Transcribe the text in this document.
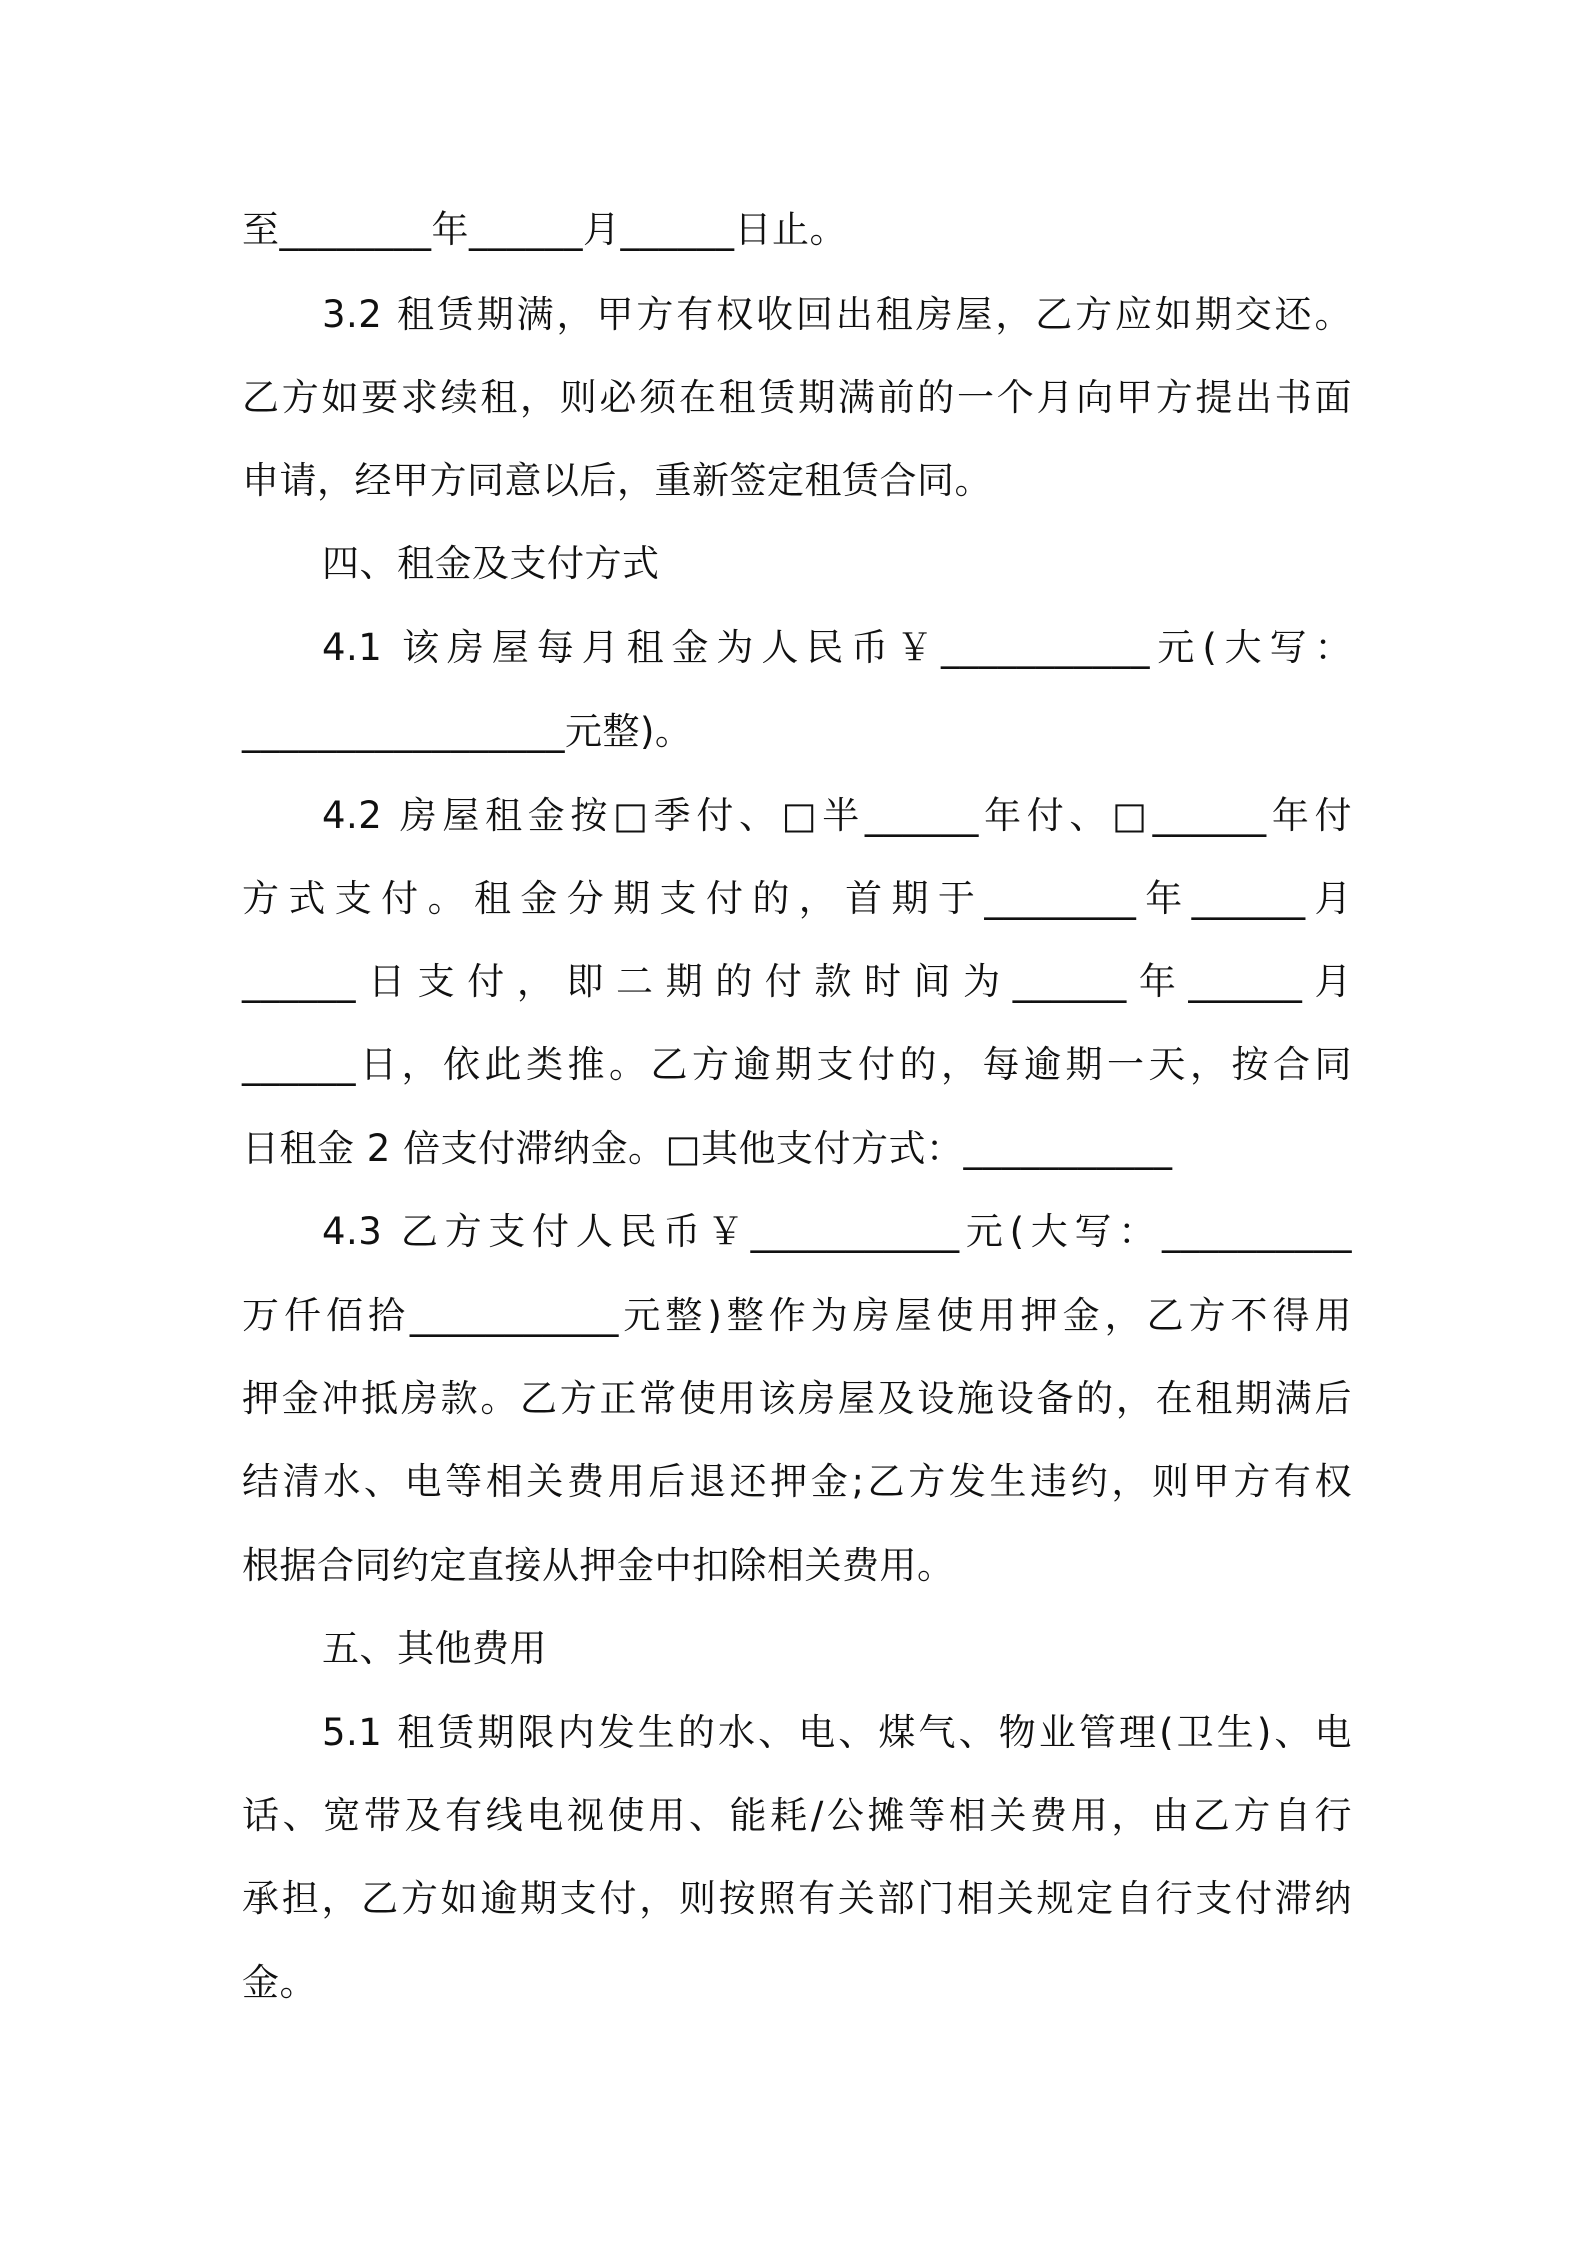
至________年______月______日止。
3.2 租赁期满，甲方有权收回出租房屋，乙方应如期交还。
乙方如要求续租，则必须在租赁期满前的一个月向甲方提出书面
申请，经甲方同意以后，重新签定租赁合同。
四、租金及支付方式
4.1 该房屋每月租金为人民币￥___________元(大写：
_________________元整)。
4.2 房屋租金按□季付、□半______年付、□______年付
方式支付。租金分期支付的，首期于________年______月
______日支付，即二期的付款时间为______年______月
______日，依此类推。乙方逾期支付的，每逾期一天，按合同
日租金 2 倍支付滞纳金。□其他支付方式：___________
4.3 乙方支付人民币￥___________元(大写：__________
万仟佰拾___________元整)整作为房屋使用押金，乙方不得用
押金冲抵房款。乙方正常使用该房屋及设施设备的，在租期满后
结清水、电等相关费用后退还押金;乙方发生违约，则甲方有权
根据合同约定直接从押金中扣除相关费用。
五、其他费用
5.1 租赁期限内发生的水、电、煤气、物业管理(卫生)、电
话、宽带及有线电视使用、能耗/公摊等相关费用，由乙方自行
承担，乙方如逾期支付，则按照有关部门相关规定自行支付滞纳
金。
